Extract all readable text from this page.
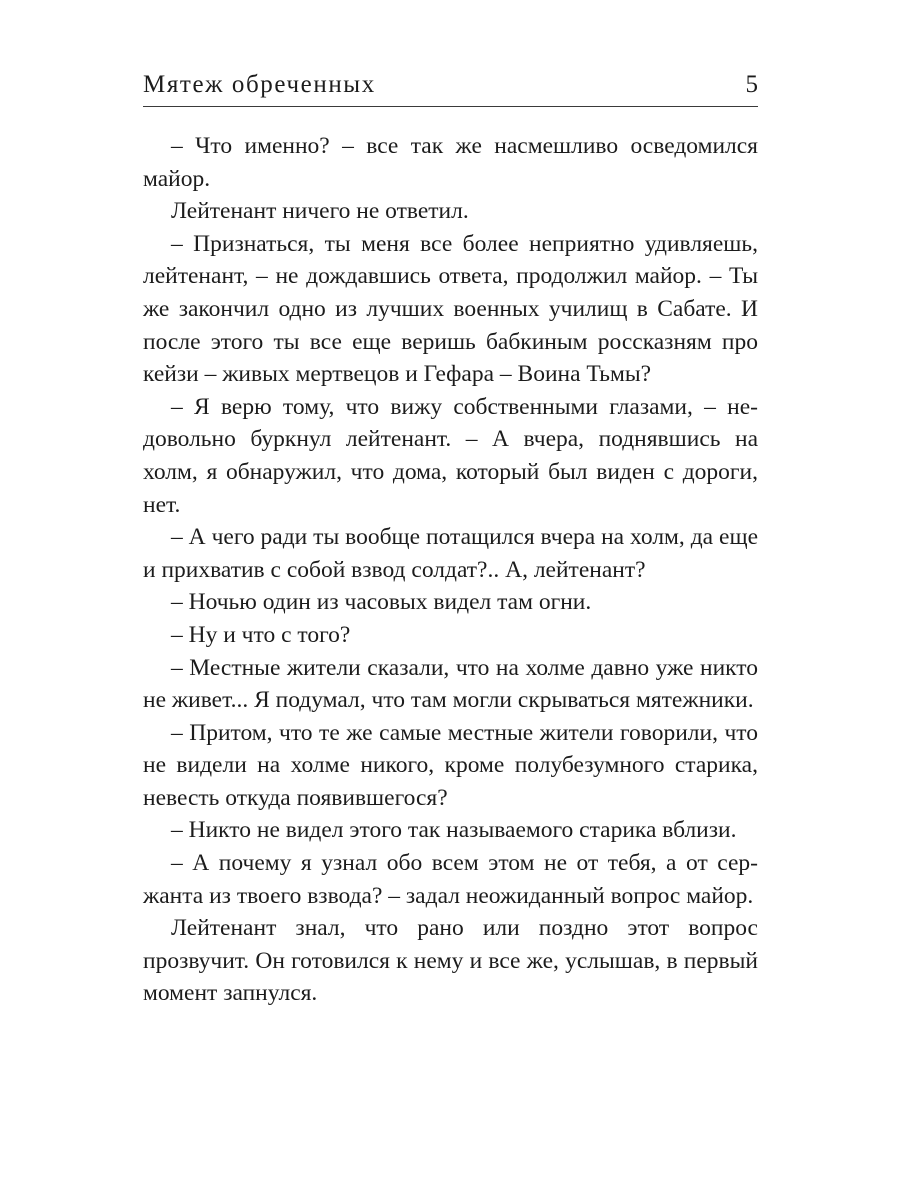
Мятеж обреченных	5

– Что именно? – все так же насмешливо осведомился майор.

Лейтенант ничего не ответил.

– Признаться, ты меня все более неприятно удивляешь, лейтенант, – не дождавшись ответа, продолжил майор. – Ты же закончил одно из лучших военных училищ в Сабате. И после этого ты все еще веришь бабкиным россказням про кейзи – живых мертвецов и Гефара – Воина Тьмы?

– Я верю тому, что вижу собственными глазами, – недовольно буркнул лейтенант. – А вчера, поднявшись на холм, я обнаружил, что дома, который был виден с дороги, нет.

– А чего ради ты вообще потащился вчера на холм, да еще и прихватив с собой взвод солдат?.. А, лейтенант?

– Ночью один из часовых видел там огни.

– Ну и что с того?

– Местные жители сказали, что на холме давно уже никто не живет... Я подумал, что там могли скрываться мятежники.

– Притом, что те же самые местные жители говорили, что не видели на холме никого, кроме полубезумного старика, невесть откуда появившегося?

– Никто не видел этого так называемого старика вблизи.

– А почему я узнал обо всем этом не от тебя, а от сержанта из твоего взвода? – задал неожиданный вопрос майор.

Лейтенант знал, что рано или поздно этот вопрос прозвучит. Он готовился к нему и все же, услышав, в первый момент запнулся.
